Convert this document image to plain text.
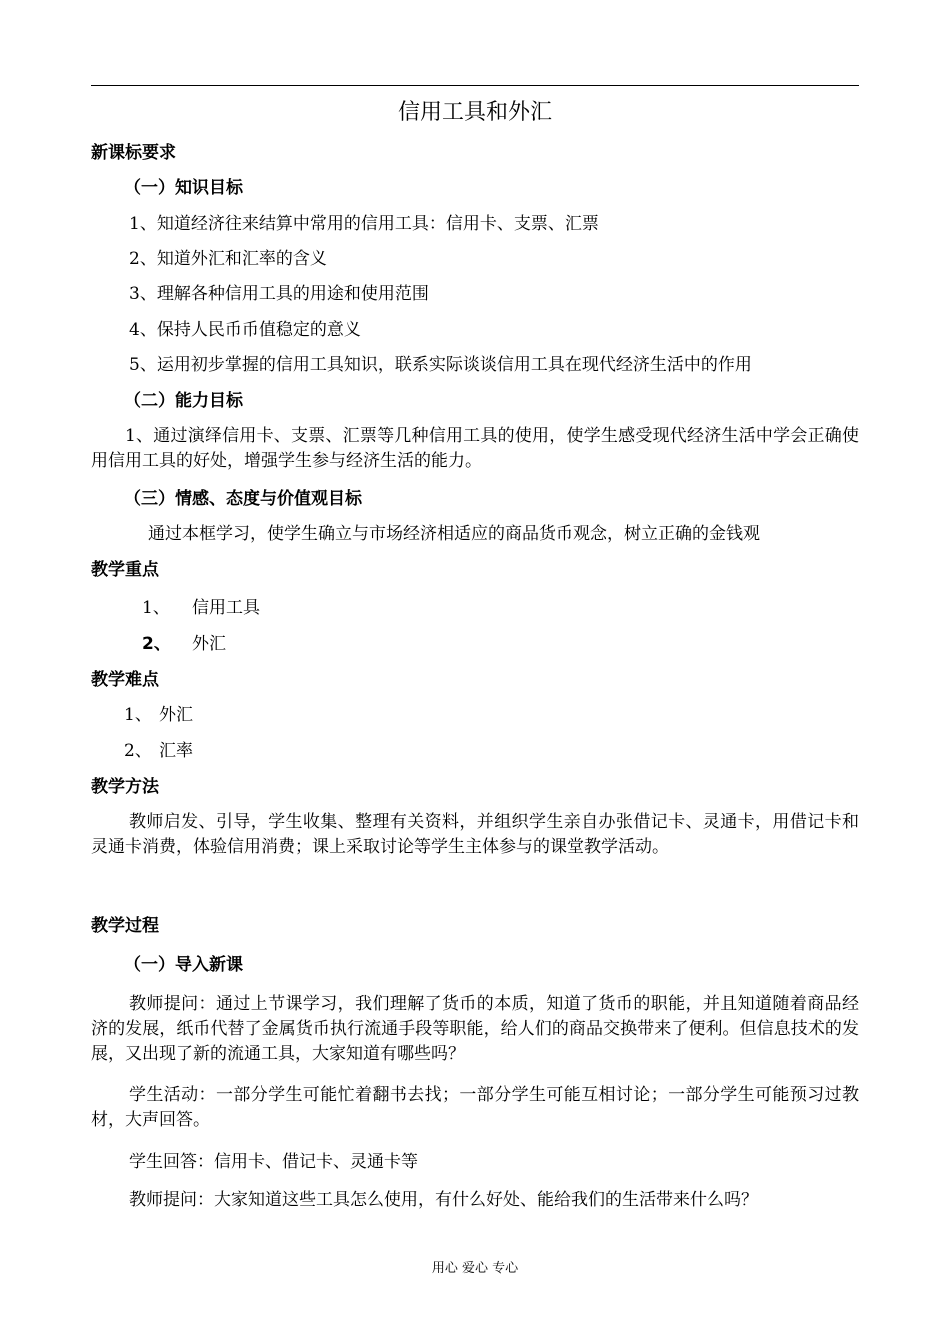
信用工具和外汇
新课标要求
（一）知识目标
1、知道经济往来结算中常用的信用工具：信用卡、支票、汇票
2、知道外汇和汇率的含义
3、理解各种信用工具的用途和使用范围
4、保持人民币币值稳定的意义
5、运用初步掌握的信用工具知识，联系实际谈谈信用工具在现代经济生活中的作用
（二）能力目标
1、通过演绎信用卡、支票、汇票等几种信用工具的使用，使学生感受现代经济生活中学会正确使用信用工具的好处，增强学生参与经济生活的能力。
（三）情感、态度与价值观目标
通过本框学习，使学生确立与市场经济相适应的商品货币观念，树立正确的金钱观
教学重点
1、 信用工具
2、 外汇
教学难点
1、 外汇
2、 汇率
教学方法
教师启发、引导，学生收集、整理有关资料，并组织学生亲自办张借记卡、灵通卡，用借记卡和灵通卡消费，体验信用消费；课上采取讨论等学生主体参与的课堂教学活动。
教学过程
（一）导入新课
教师提问：通过上节课学习，我们理解了货币的本质，知道了货币的职能，并且知道随着商品经济的发展，纸币代替了金属货币执行流通手段等职能，给人们的商品交换带来了便利。但信息技术的发展，又出现了新的流通工具，大家知道有哪些吗？
学生活动：一部分学生可能忙着翻书去找；一部分学生可能互相讨论；一部分学生可能预习过教材，大声回答。
学生回答：信用卡、借记卡、灵通卡等
教师提问：大家知道这些工具怎么使用，有什么好处、能给我们的生活带来什么吗？
用心 爱心 专心
